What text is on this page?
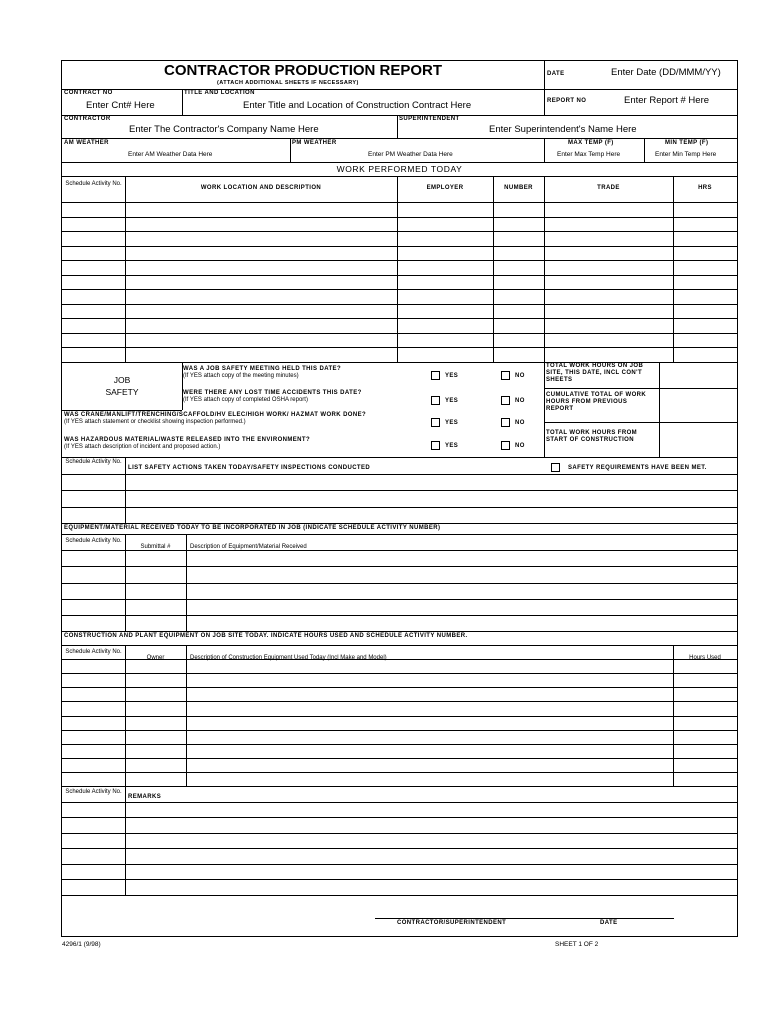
CONTRACTOR PRODUCTION REPORT
(ATTACH ADDITIONAL SHEETS IF NECESSARY)
DATE	Enter Date (DD/MMM/YY)
CONTRACT NO
Enter Cnt# Here
TITLE AND LOCATION
Enter Title and Location of Construction Contract Here	REPORT NO	Enter Report # Here
CONTRACTOR
Enter The Contractor's Company Name Here
SUPERINTENDENT
Enter Superintendent's Name Here
AM WEATHER
Enter AM Weather Data Here
PM WEATHER
Enter PM Weather Data Here
MAX TEMP (F)
Enter Max Temp Here
MIN TEMP (F)
Enter Min Temp Here
WORK PERFORMED TODAY
Schedule Activity No.
WORK LOCATION AND DESCRIPTION	EMPLOYER	NUMBER	TRADE	HRS
JOB
SAFETY
WAS A JOB SAFETY MEETING HELD THIS DATE?
(If YES attach copy of the meeting minutes)
WERE THERE ANY LOST TIME ACCIDENTS THIS DATE?
(If YES attach copy of completed OSHA report)
WAS CRANE/MANLIFT/TRENCHING/SCAFFOLD/HV ELEC/HIGH WORK/ HAZMAT WORK DONE?
(If YES attach statement or checklist showing inspection performed.)
WAS HAZARDOUS MATERIAL/WASTE RELEASED INTO THE ENVIRONMENT?
(If YES attach description of incident and proposed action.)
YES	NO
YES	NO
YES	NO
YES	NO
TOTAL WORK HOURS ON JOB SITE, THIS DATE, INCL CON'T SHEETS
CUMULATIVE TOTAL OF WORK HOURS FROM PREVIOUS REPORT
TOTAL WORK HOURS FROM START OF CONSTRUCTION
Schedule Activity No.
LIST SAFETY ACTIONS TAKEN TODAY/SAFETY INSPECTIONS CONDUCTED	SAFETY REQUIREMENTS HAVE BEEN MET.
EQUIPMENT/MATERIAL RECEIVED TODAY TO BE INCORPORATED IN JOB (INDICATE SCHEDULE ACTIVITY NUMBER)
Schedule Activity No.
Submittal #	Description of Equipment/Material Received
CONSTRUCTION AND PLANT EQUIPMENT ON JOB SITE TODAY. INDICATE HOURS USED AND SCHEDULE ACTIVITY NUMBER.
Schedule Activity No.
Owner	Description of Construction Equipment Used Today (Incl Make and Model)	Hours Used
Schedule Activity No.
REMARKS
CONTRACTOR/SUPERINTENDENT	DATE
4296/1 (9/98)	SHEET 1 OF 2
